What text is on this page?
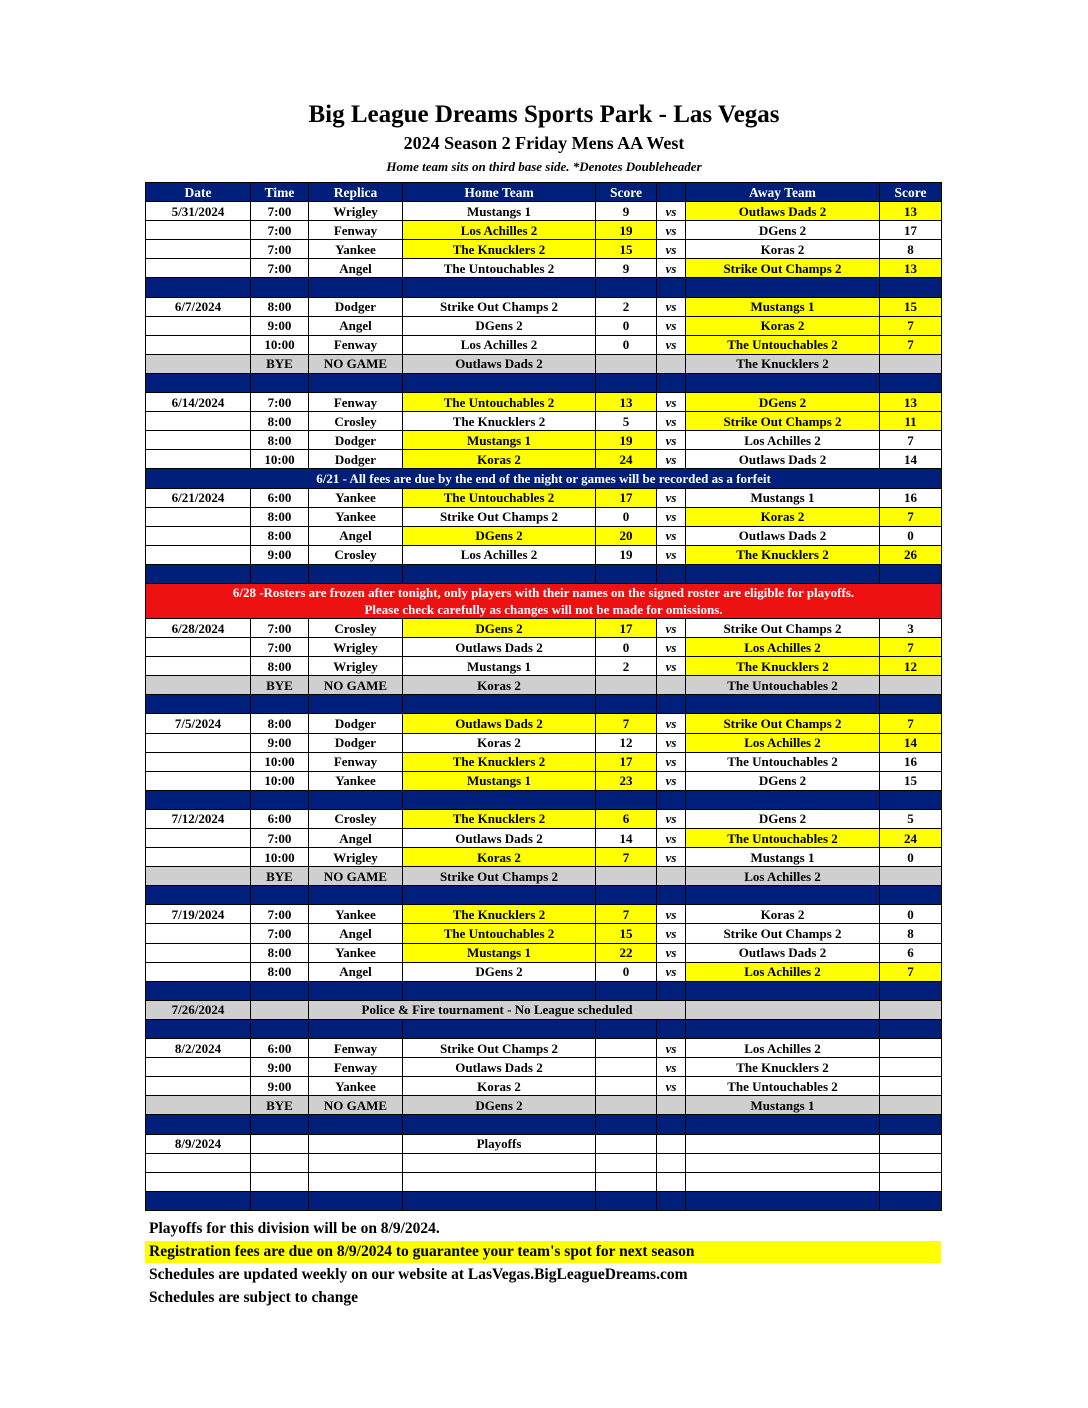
Big League Dreams Sports Park - Las Vegas
2024 Season 2 Friday Mens AA West
Home team sits on third base side. *Denotes Doubleheader
Date	Time	Replica	Home Team	Score		Away Team	Score
5/31/2024	7:00	Wrigley	Mustangs 1	9	vs	Outlaws Dads 2	13
	7:00	Fenway	Los Achilles 2	19	vs	DGens 2	17
	7:00	Yankee	The Knucklers 2	15	vs	Koras 2	8
	7:00	Angel	The Untouchables 2	9	vs	Strike Out Champs 2	13

6/7/2024	8:00	Dodger	Strike Out Champs 2	2	vs	Mustangs 1	15
	9:00	Angel	DGens 2	0	vs	Koras 2	7
	10:00	Fenway	Los Achilles 2	0	vs	The Untouchables 2	7
	BYE	NO GAME	Outlaws Dads 2			The Knucklers 2	

6/14/2024	7:00	Fenway	The Untouchables 2	13	vs	DGens 2	13
	8:00	Crosley	The Knucklers 2	5	vs	Strike Out Champs 2	11
	8:00	Dodger	Mustangs 1	19	vs	Los Achilles 2	7
	10:00	Dodger	Koras 2	24	vs	Outlaws Dads 2	14
6/21 - All fees are due by the end of the night or games will be recorded as a forfeit							
6/21/2024	6:00	Yankee	The Untouchables 2	17	vs	Mustangs 1	16
	8:00	Yankee	Strike Out Champs 2	0	vs	Koras 2	7
	8:00	Angel	DGens 2	20	vs	Outlaws Dads 2	0
	9:00	Crosley	Los Achilles 2	19	vs	The Knucklers 2	26

6/28 -Rosters are frozen after tonight, only players with their names on the signed roster are eligible for playoffs.
Please check carefully as changes will not be made for omissions.							

6/28/2024	7:00	Crosley	DGens 2	17	vs	Strike Out Champs 2	3
	7:00	Wrigley	Outlaws Dads 2	0	vs	Los Achilles 2	7
	8:00	Wrigley	Mustangs 1	2	vs	The Knucklers 2	12
	BYE	NO GAME	Koras 2			The Untouchables 2	

7/5/2024	8:00	Dodger	Outlaws Dads 2	7	vs	Strike Out Champs 2	7
	9:00	Dodger	Koras 2	12	vs	Los Achilles 2	14
	10:00	Fenway	The Knucklers 2	17	vs	The Untouchables 2	16
	10:00	Yankee	Mustangs 1	23	vs	DGens 2	15

7/12/2024	6:00	Crosley	The Knucklers 2	6	vs	DGens 2	5
	7:00	Angel	Outlaws Dads 2	14	vs	The Untouchables 2	24
	10:00	Wrigley	Koras 2	7	vs	Mustangs 1	0
	BYE	NO GAME	Strike Out Champs 2			Los Achilles 2	

7/19/2024	7:00	Yankee	The Knucklers 2	7	vs	Koras 2	0
	7:00	Angel	The Untouchables 2	15	vs	Strike Out Champs 2	8
	8:00	Yankee	Mustangs 1	22	vs	Outlaws Dads 2	6
	8:00	Angel	DGens 2	0	vs	Los Achilles 2	7

7/26/2024		Police & Fire tournament - No League scheduled					

8/2/2024	6:00	Fenway	Strike Out Champs 2		vs	Los Achilles 2	
	9:00	Fenway	Outlaws Dads 2		vs	The Knucklers 2	
	9:00	Yankee	Koras 2		vs	The Untouchables 2	
	BYE	NO GAME	DGens 2			Mustangs 1	

8/9/2024			Playoffs				

Playoffs for this division will be on 8/9/2024.
Registration fees are due on 8/9/2024 to guarantee your team's spot for next season
Schedules are updated weekly on our website at LasVegas.BigLeagueDreams.com
Schedules are subject to change
